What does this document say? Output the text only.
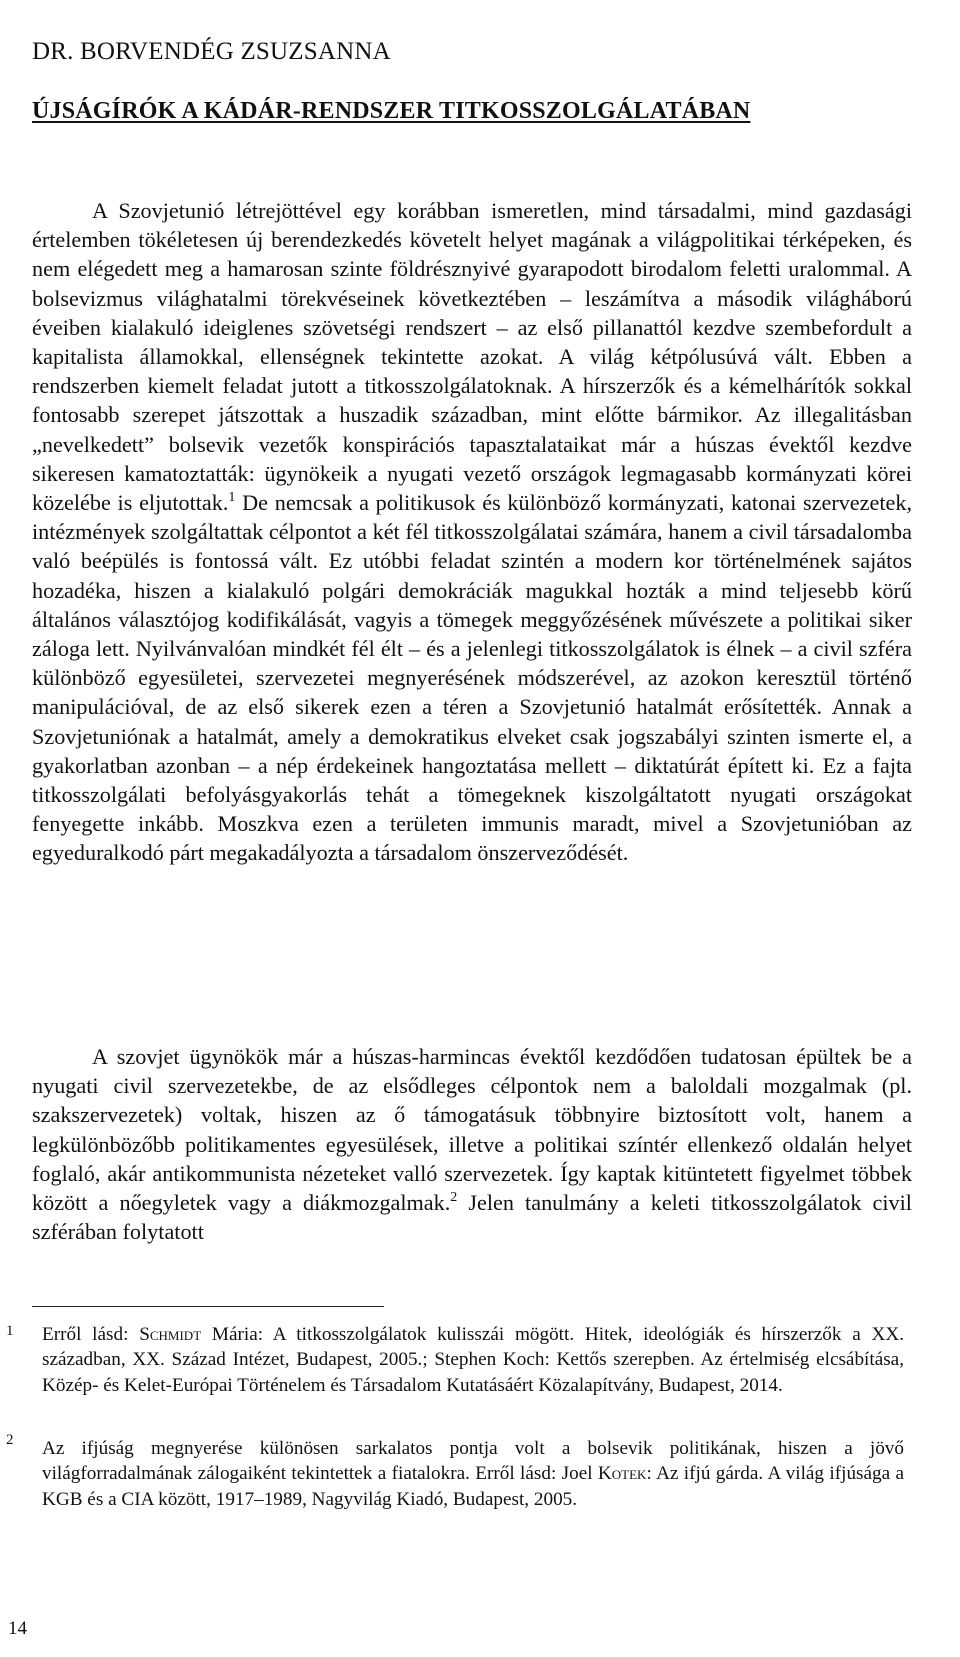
DR. BORVENDÉG ZSUZSANNA
ÚJSÁGÍRÓK A KÁDÁR-RENDSZER TITKOSSZOLGÁLATÁBAN

A Szovjetunió létrejöttével egy korábban ismeretlen, mind társadalmi, mind gazdasági értelemben tökéletesen új berendezkedés követelt helyet magának a világpolitikai térképeken, és nem elégedett meg a hamarosan szinte földrésznyivé gyarapodott birodalom feletti uralommal. A bolsevizmus világhatalmi törekvéseinek következtében – leszámítva a második világháború éveiben kialakuló ideiglenes szövetségi rendszert – az első pillanattól kezdve szembefordult a kapitalista államokkal, ellenségnek tekintette azokat. A világ kétpólusúvá vált. Ebben a rendszerben kiemelt feladat jutott a titkosszolgálatoknak. A hírszerzők és a kémelhárítók sokkal fontosabb szerepet játszottak a huszadik században, mint előtte bármikor. Az illegalitásban „nevelkedett” bolsevik vezetők konspirációs tapasztalataikat már a húszas évektől kezdve sikeresen kamatoztatták: ügynökeik a nyugati vezető országok legmagasabb kormányzati körei közelébe is eljutottak.$^1$ De nemcsak a politikusok és különböző kormányzati, katonai szervezetek, intézmények szolgáltattak célpontot a két fél titkosszolgálatai számára, hanem a civil társadalomba való beépülés is fontossá vált. Ez utóbbi feladat szintén a modern kor történelmének sajátos hozadéka, hiszen a kialakuló polgári demokráciák magukkal hozták a mind teljesebb körű általános választójog kodifikálását, vagyis a tömegek meggyőzésének művészete a politikai siker záloga lett. Nyilvánvalóan mindkét fél élt – és a jelenlegi titkosszolgálatok is élnek – a civil szféra különböző egyesületei, szervezetei megnyerésének módszerével, az azokon keresztül történő manipulációval, de az első sikerek ezen a téren a Szovjetunió hatalmát erősítették. Annak a Szovjetuniónak a hatalmát, amely a demokratikus elveket csak jogszabályi szinten ismerte el, a gyakorlatban azonban – a nép érdekeinek hangoztatása mellett – diktatúrát épített ki. Ez a fajta titkosszolgálati befolyásgyakorlás tehát a tömegeknek kiszolgáltatott nyugati országokat fenyegette inkább. Moszkva ezen a területen immunis maradt, mivel a Szovjetunióban az egyeduralkodó párt megakadályozta a társadalom önszerveződését.

A szovjet ügynökök már a húszas-harmincas évektől kezdődően tudatosan épültek be a nyugati civil szervezetekbe, de az elsődleges célpontok nem a baloldali mozgalmak (pl. szakszervezetek) voltak, hiszen az ő támogatásuk többnyire biztosított volt, hanem a legkülönbözőbb politikamentes egyesülések, illetve a politikai színtér ellenkező oldalán helyet foglaló, akár antikommunista nézeteket valló szervezetek. Így kaptak kitüntetett figyelmet többek között a nőegyletek vagy a diákmozgalmak.$^2$ Jelen tanulmány a keleti titkosszolgálatok civil szférában folytatott

1 Erről lásd: Schmidt Mária: A titkosszolgálatok kulisszái mögött. Hitek, ideológiák és hírszerzők a XX. században, XX. Század Intézet, Budapest, 2005.; Stephen Koch: Kettős szerepben. Az értelmiség elcsábítása, Közép- és Kelet-Európai Történelem és Társadalom Kutatásáért Közalapítvány, Budapest, 2014.

2 Az ifjúság megnyerése különösen sarkalatos pontja volt a bolsevik politikának, hiszen a jövő világforradalmának zálogaiként tekintettek a fiatalokra. Erről lásd: Joel Kotek: Az ifjú gárda. A világ ifjúsága a KGB és a CIA között, 1917–1989, Nagyvilág Kiadó, Budapest, 2005.

14
